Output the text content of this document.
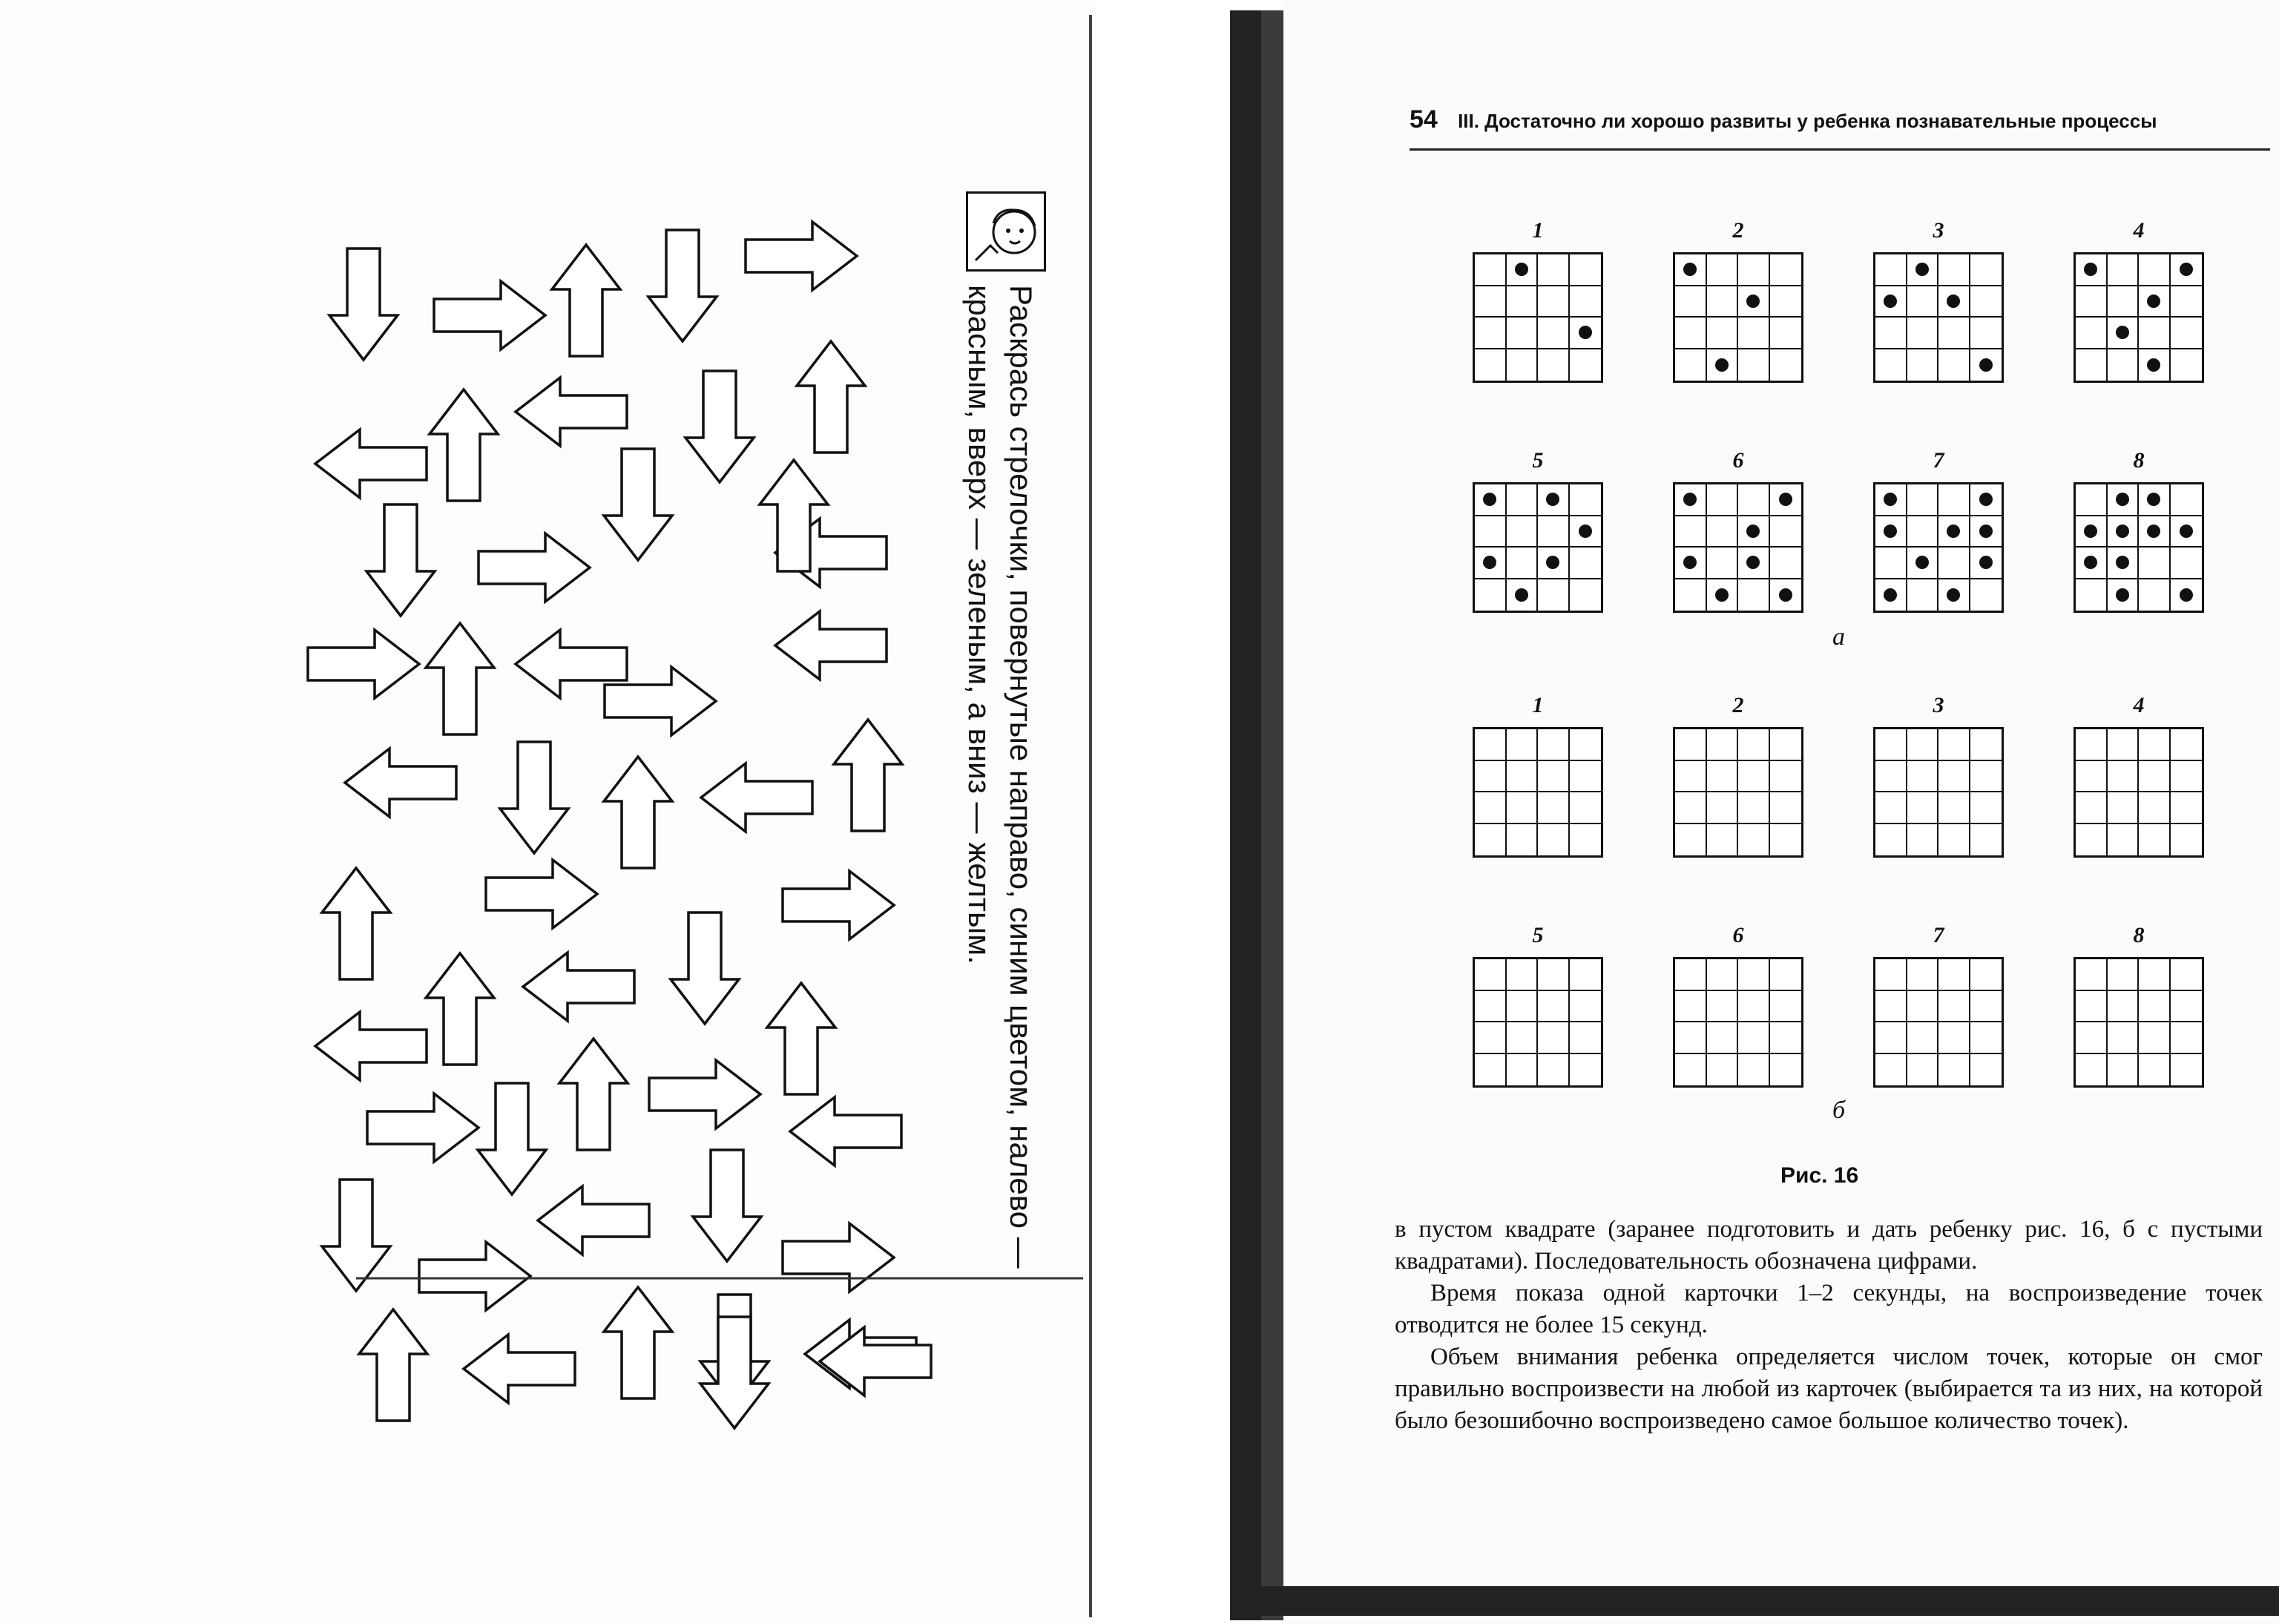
Раскрась стрелочки, повернутые направо, синим цветом, налево —
красным, вверх — зеленым, а вниз — желтым.
54 III. Достаточно ли хорошо развиты у ребенка познавательные процессы
1	2	3	4
5	6	7	8
1	2	3	4
5	6	7	8
а
б
Рис. 16

в пустом квадрате (заранее подготовить и дать ребенку рис. 16, б с пустыми квадратами). Последовательность обозначена цифрами.

Время показа одной карточки 1–2 секунды, на воспроизведение точек отводится не более 15 секунд.

Объем внимания ребенка определяется числом точек, которые он смог правильно воспроизвести на любой из карточек (выбирается та из них, на которой было безошибочно воспроизведено самое большое количество точек).
